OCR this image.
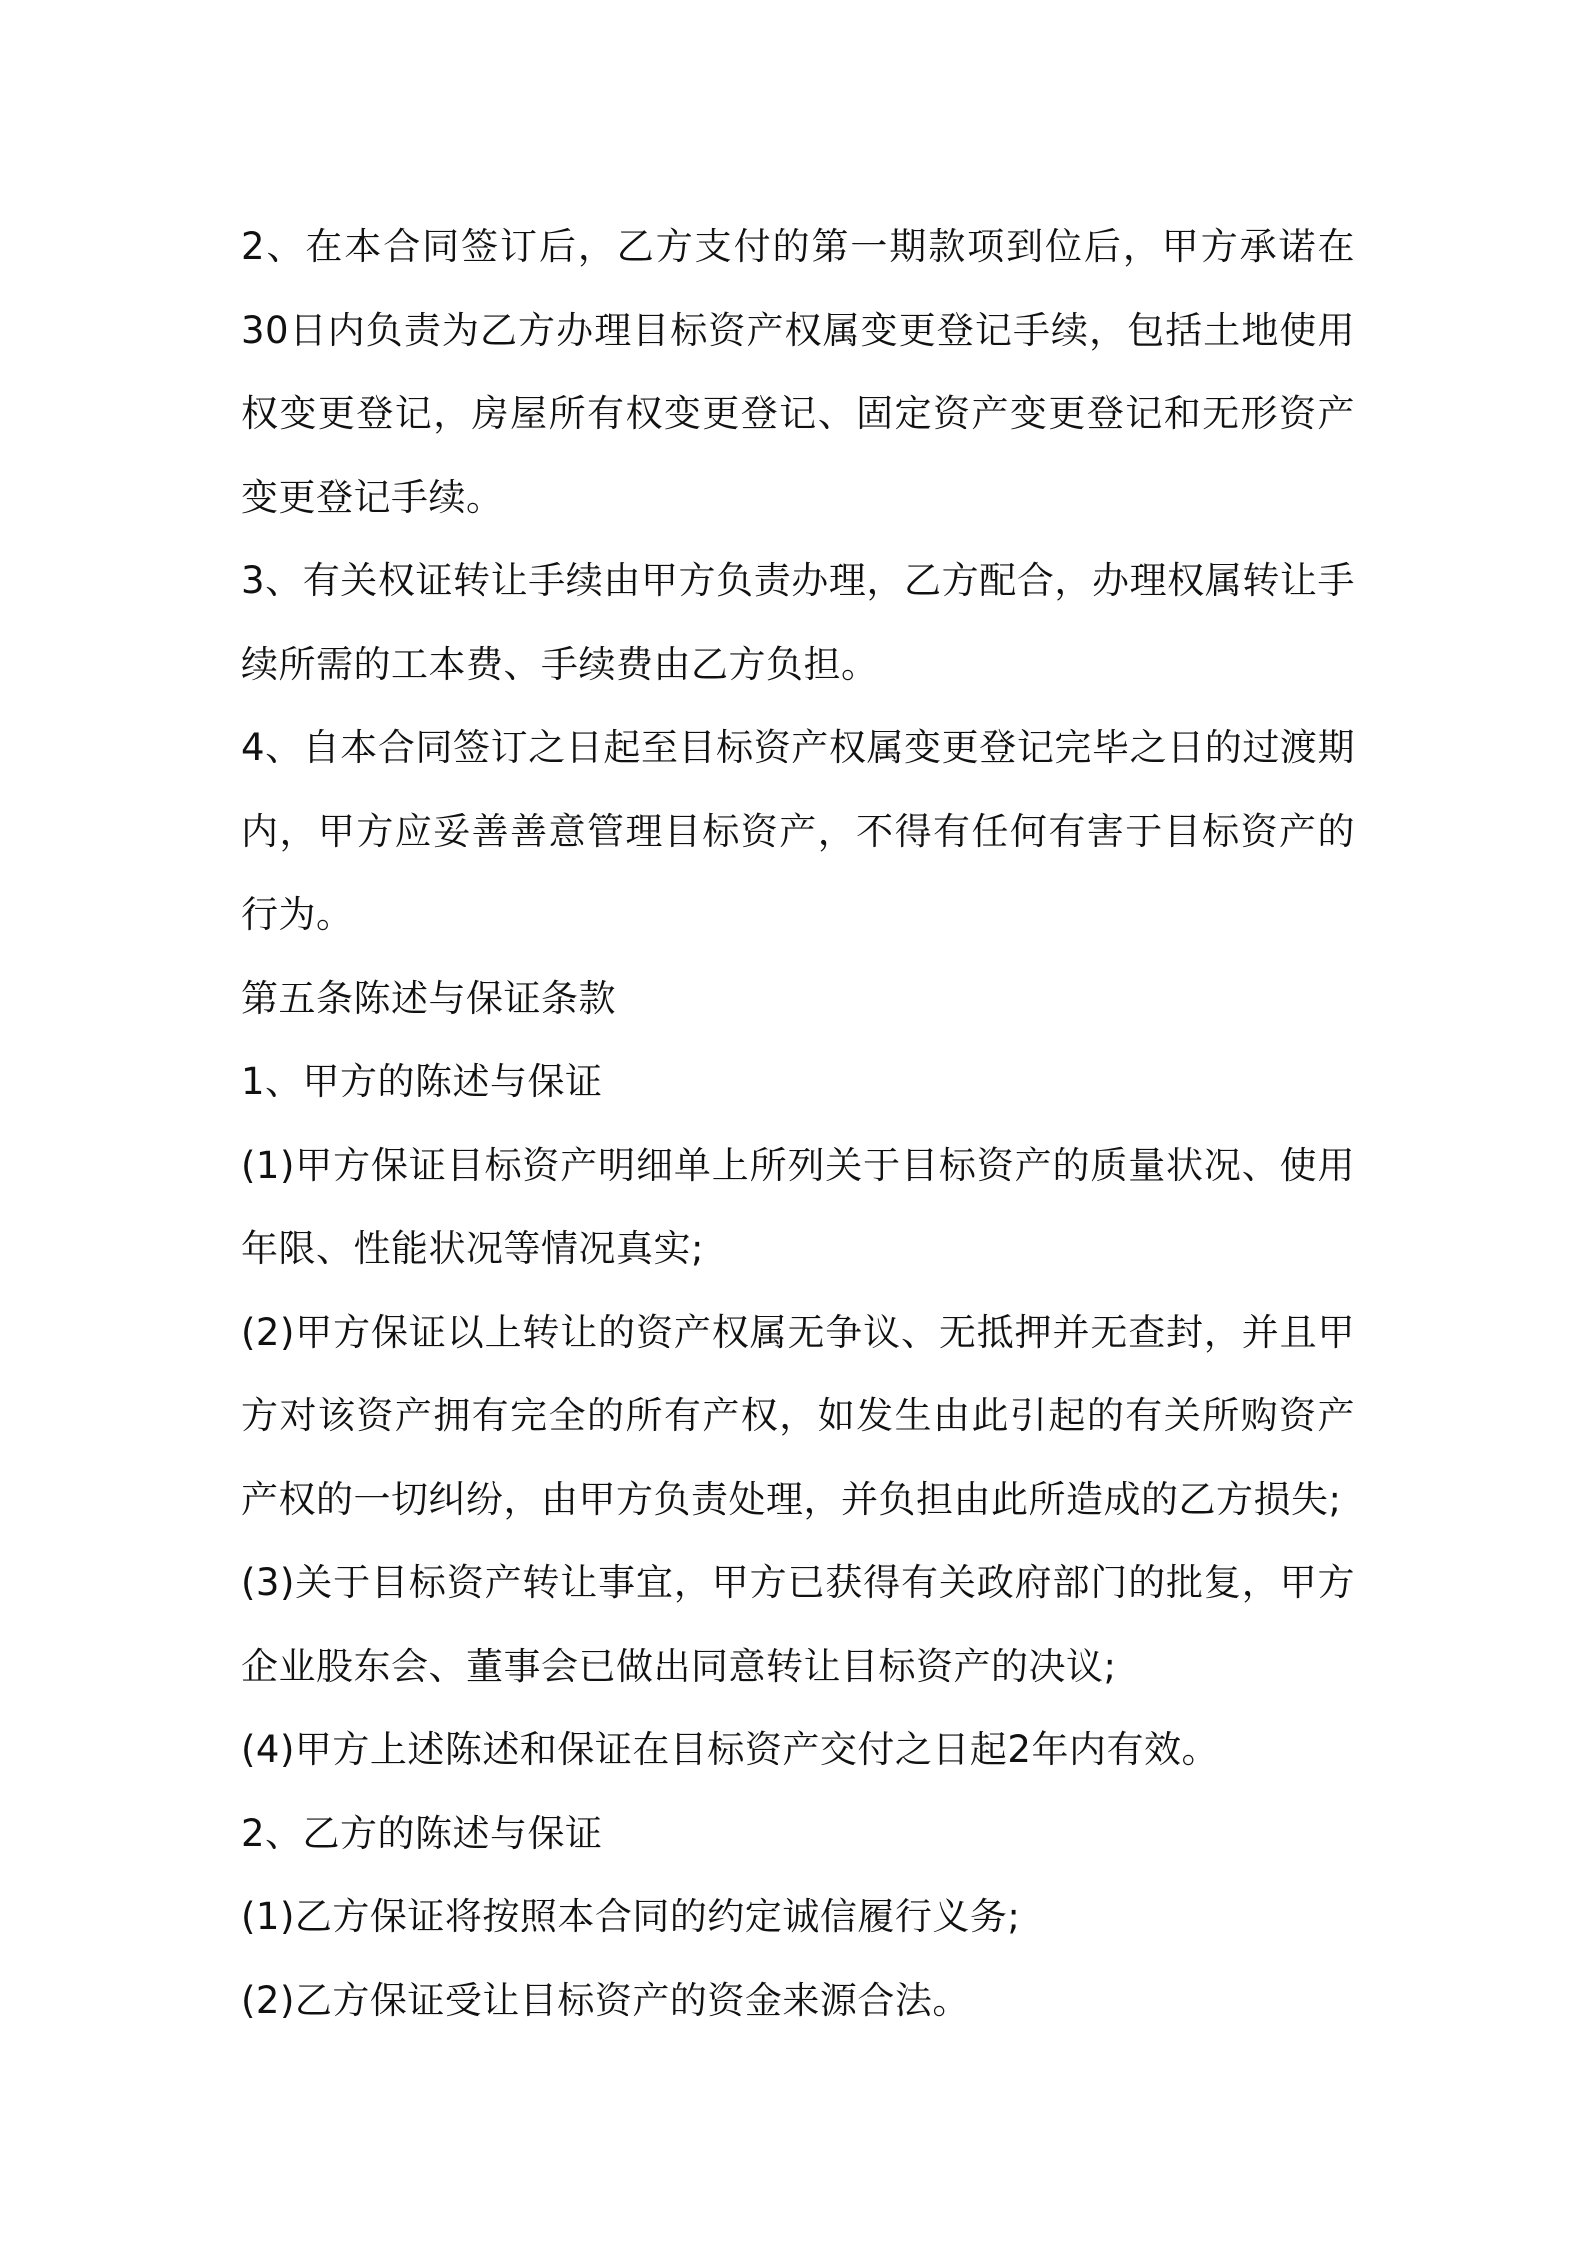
2、在本合同签订后，乙方支付的第一期款项到位后，甲方承诺在30日内负责为乙方办理目标资产权属变更登记手续，包括土地使用权变更登记，房屋所有权变更登记、固定资产变更登记和无形资产变更登记手续。

3、有关权证转让手续由甲方负责办理，乙方配合，办理权属转让手续所需的工本费、手续费由乙方负担。

4、自本合同签订之日起至目标资产权属变更登记完毕之日的过渡期内，甲方应妥善善意管理目标资产，不得有任何有害于目标资产的行为。

第五条陈述与保证条款

1、甲方的陈述与保证

(1)甲方保证目标资产明细单上所列关于目标资产的质量状况、使用年限、性能状况等情况真实;

(2)甲方保证以上转让的资产权属无争议、无抵押并无查封，并且甲方对该资产拥有完全的所有产权，如发生由此引起的有关所购资产产权的一切纠纷，由甲方负责处理，并负担由此所造成的乙方损失;

(3)关于目标资产转让事宜，甲方已获得有关政府部门的批复，甲方企业股东会、董事会已做出同意转让目标资产的决议;

(4)甲方上述陈述和保证在目标资产交付之日起2年内有效。

2、乙方的陈述与保证

(1)乙方保证将按照本合同的约定诚信履行义务;

(2)乙方保证受让目标资产的资金来源合法。
